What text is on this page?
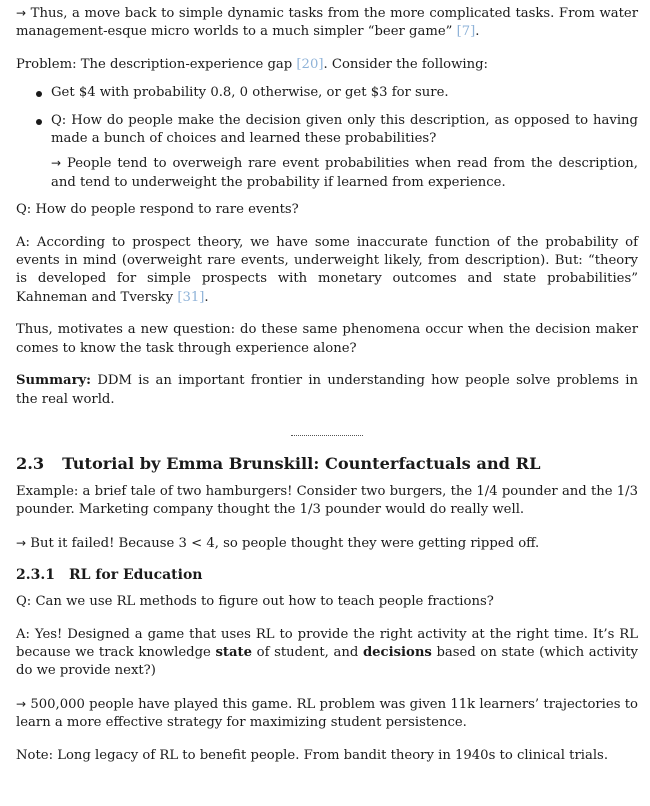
→ Thus, a move back to simple dynamic tasks from the more complicated tasks. From water management-esque micro worlds to a much simpler “beer game” [7].

Problem: The description-experience gap [20]. Consider the following:

Get $4 with probability 0.8, 0 otherwise, or get $3 for sure.
Q: How do people make the decision given only this description, as opposed to having made a bunch of choices and learned these probabilities?
→ People tend to overweigh rare event probabilities when read from the description, and tend to underweight the probability if learned from experience.

Q: How do people respond to rare events?

A: According to prospect theory, we have some inaccurate function of the probability of events in mind (overweight rare events, underweight likely, from description). But: “theory is developed for simple prospects with monetary outcomes and state probabilities” Kahneman and Tversky [31].

Thus, motivates a new question: do these same phenomena occur when the decision maker comes to know the task through experience alone?

Summary: DDM is an important frontier in understanding how people solve problems in the real world.

2.3 Tutorial by Emma Brunskill: Counterfactuals and RL

Example: a brief tale of two hamburgers! Consider two burgers, the 1/4 pounder and the 1/3 pounder. Marketing company thought the 1/3 pounder would do really well.

→ But it failed! Because 3 < 4, so people thought they were getting ripped off.

2.3.1 RL for Education

Q: Can we use RL methods to figure out how to teach people fractions?

A: Yes! Designed a game that uses RL to provide the right activity at the right time. It’s RL because we track knowledge state of student, and decisions based on state (which activity do we provide next?)

→ 500,000 people have played this game. RL problem was given 11k learners’ trajectories to learn a more effective strategy for maximizing student persistence.

Note: Long legacy of RL to benefit people. From bandit theory in 1940s to clinical trials.
